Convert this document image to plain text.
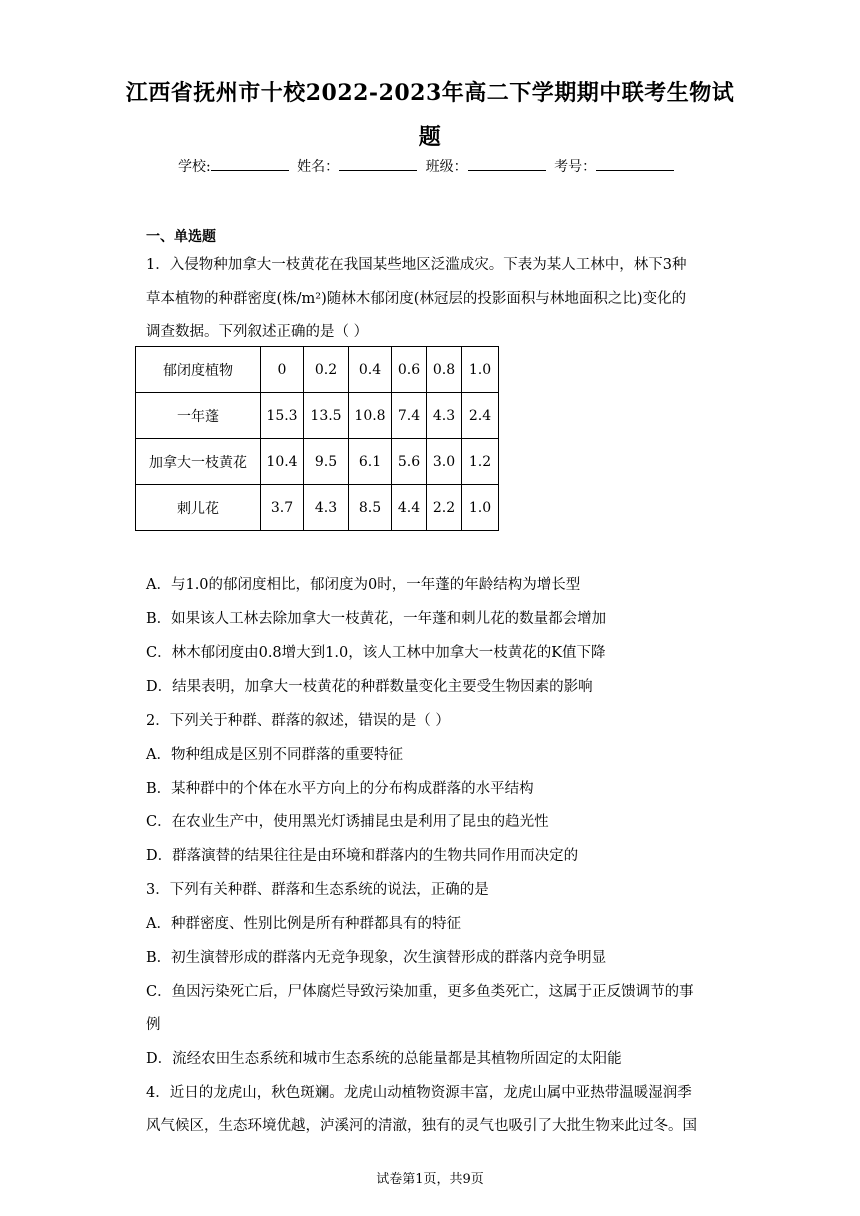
江西省抚州市十校2022-2023年高二下学期期中联考生物试
题
学校:	姓名：	班级：	考号：
一、单选题
1．入侵物种加拿大一枝黄花在我国某些地区泛滥成灾。下表为某人工林中，林下3种
草本植物的种群密度(株/m²)随林木郁闭度(林冠层的投影面积与林地面积之比)变化的
调查数据。下列叙述正确的是（ ）
郁闭度植物	0	0.2	0.4	0.6	0.8	1.0
一年蓬	15.3	13.5	10.8	7.4	4.3	2.4
加拿大一枝黄花	10.4	9.5	6.1	5.6	3.0	1.2
刺儿花	3.7	4.3	8.5	4.4	2.2	1.0
A．与1.0的郁闭度相比，郁闭度为0时，一年蓬的年龄结构为增长型
B．如果该人工林去除加拿大一枝黄花，一年蓬和刺儿花的数量都会增加
C．林木郁闭度由0.8增大到1.0，该人工林中加拿大一枝黄花的K值下降
D．结果表明，加拿大一枝黄花的种群数量变化主要受生物因素的影响
2．下列关于种群、群落的叙述，错误的是（ ）
A．物种组成是区别不同群落的重要特征
B．某种群中的个体在水平方向上的分布构成群落的水平结构
C．在农业生产中，使用黑光灯诱捕昆虫是利用了昆虫的趋光性
D．群落演替的结果往往是由环境和群落内的生物共同作用而决定的
3．下列有关种群、群落和生态系统的说法，正确的是
A．种群密度、性别比例是所有种群都具有的特征
B．初生演替形成的群落内无竞争现象，次生演替形成的群落内竞争明显
C．鱼因污染死亡后，尸体腐烂导致污染加重，更多鱼类死亡，这属于正反馈调节的事
例
D．流经农田生态系统和城市生态系统的总能量都是其植物所固定的太阳能
4．近日的龙虎山，秋色斑斓。龙虎山动植物资源丰富，龙虎山属中亚热带温暖湿润季
风气候区，生态环境优越，泸溪河的清澈，独有的灵气也吸引了大批生物来此过冬。国
试卷第1页，共9页
